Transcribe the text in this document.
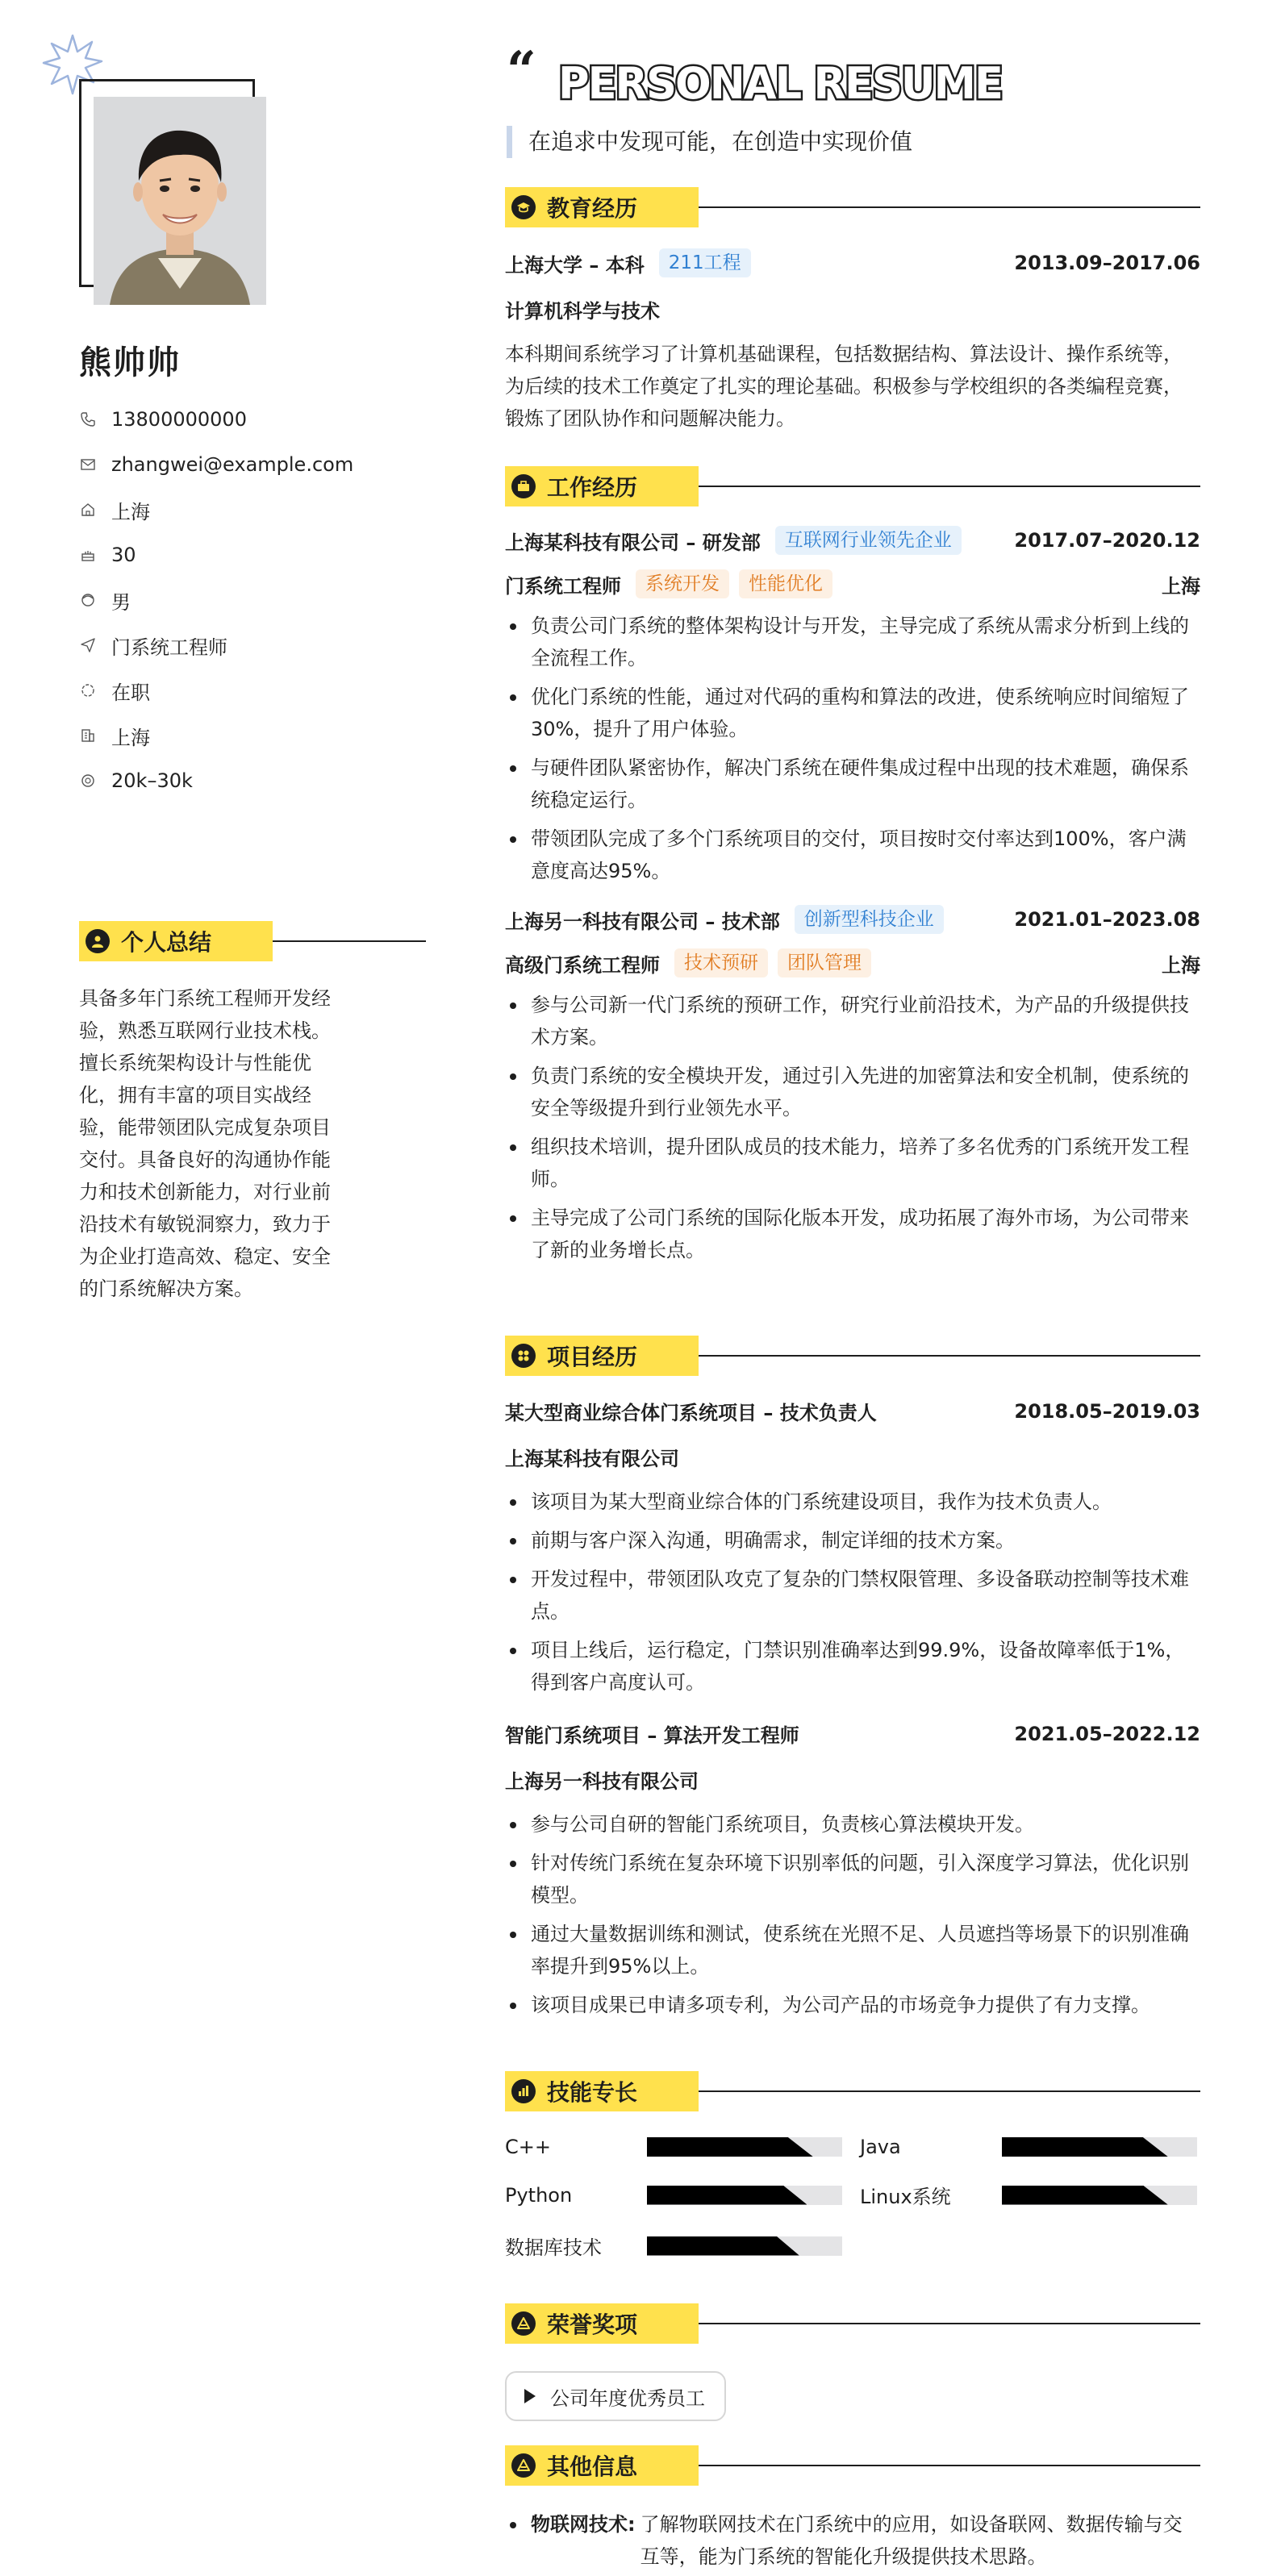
熊帅帅
13800000000
zhangwei@example.com
上海
30
男
门系统工程师
在职
上海
20k–30k
个人总结
具备多年门系统工程师开发经验，熟悉互联网行业技术栈。擅长系统架构设计与性能优化，拥有丰富的项目实战经验，能带领团队完成复杂项目交付。具备良好的沟通协作能力和技术创新能力，对行业前沿技术有敏锐洞察力，致力于为企业打造高效、稳定、安全的门系统解决方案。
“ PERSONAL RESUME
在追求中发现可能，在创造中实现价值
教育经历
上海大学 – 本科	211工程	2013.09–2017.06
计算机科学与技术
本科期间系统学习了计算机基础课程，包括数据结构、算法设计、操作系统等，为后续的技术工作奠定了扎实的理论基础。积极参与学校组织的各类编程竞赛，锻炼了团队协作和问题解决能力。
工作经历
上海某科技有限公司 – 研发部	互联网行业领先企业	2017.07–2020.12
门系统工程师	系统开发	性能优化	上海
负责公司门系统的整体架构设计与开发，主导完成了系统从需求分析到上线的全流程工作。
优化门系统的性能，通过对代码的重构和算法的改进，使系统响应时间缩短了30%，提升了用户体验。
与硬件团队紧密协作，解决门系统在硬件集成过程中出现的技术难题，确保系统稳定运行。
带领团队完成了多个门系统项目的交付，项目按时交付率达到100%，客户满意度高达95%。
上海另一科技有限公司 – 技术部	创新型科技企业	2021.01–2023.08
高级门系统工程师	技术预研	团队管理	上海
参与公司新一代门系统的预研工作，研究行业前沿技术，为产品的升级提供技术方案。
负责门系统的安全模块开发，通过引入先进的加密算法和安全机制，使系统的安全等级提升到行业领先水平。
组织技术培训，提升团队成员的技术能力，培养了多名优秀的门系统开发工程师。
主导完成了公司门系统的国际化版本开发，成功拓展了海外市场，为公司带来了新的业务增长点。
项目经历
某大型商业综合体门系统项目 – 技术负责人	2018.05–2019.03
上海某科技有限公司
该项目为某大型商业综合体的门系统建设项目，我作为技术负责人。
前期与客户深入沟通，明确需求，制定详细的技术方案。
开发过程中，带领团队攻克了复杂的门禁权限管理、多设备联动控制等技术难点。
项目上线后，运行稳定，门禁识别准确率达到99.9%，设备故障率低于1%，得到客户高度认可。
智能门系统项目 – 算法开发工程师	2021.05–2022.12
上海另一科技有限公司
参与公司自研的智能门系统项目，负责核心算法模块开发。
针对传统门系统在复杂环境下识别率低的问题，引入深度学习算法，优化识别模型。
通过大量数据训练和测试，使系统在光照不足、人员遮挡等场景下的识别准确率提升到95%以上。
该项目成果已申请多项专利，为公司产品的市场竞争力提供了有力支撑。
技能专长
C++	Java
Python	Linux系统
数据库技术
荣誉奖项
公司年度优秀员工
其他信息
物联网技术: 了解物联网技术在门系统中的应用，如设备联网、数据传输与交互等，能为门系统的智能化升级提供技术思路。
